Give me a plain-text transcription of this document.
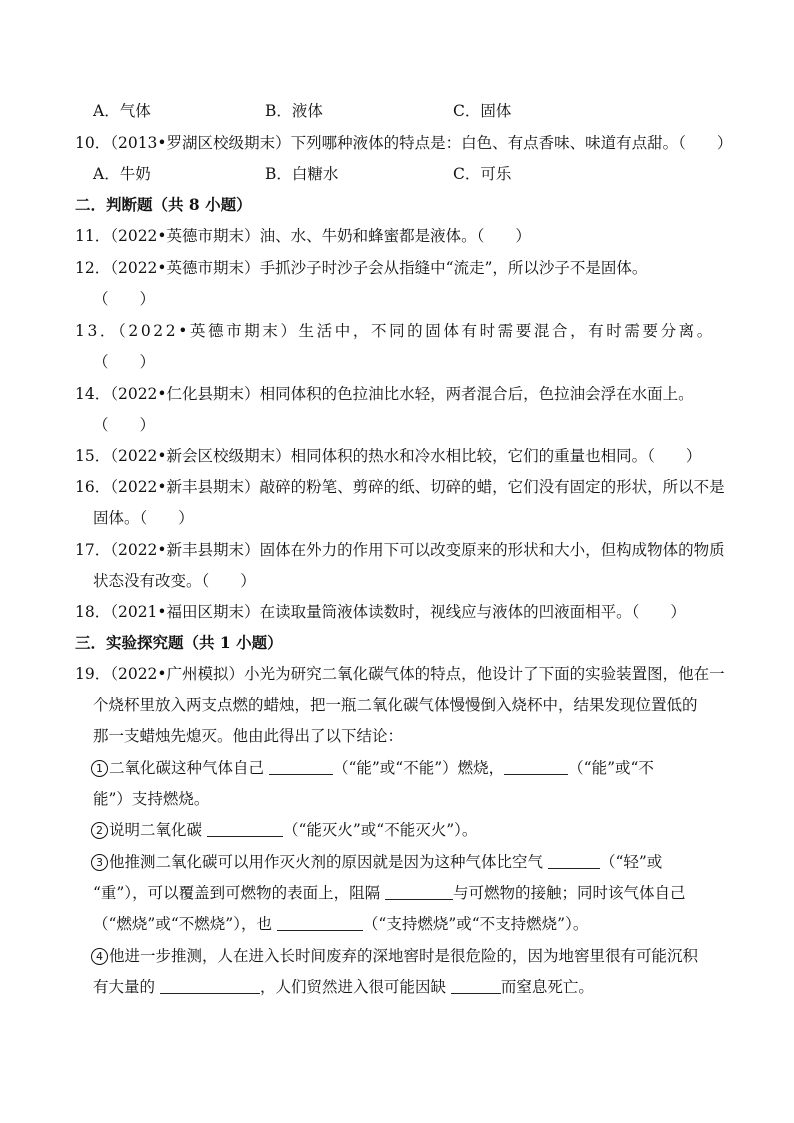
A．气体	B．液体	C．固体
10．（2013•罗湖区校级期末）下列哪种液体的特点是：白色、有点香味、味道有点甜。（　　）
A．牛奶	B．白糖水	C．可乐
二．判断题（共 8 小题）
11．（2022•英德市期末）油、水、牛奶和蜂蜜都是液体。（　　）
12．（2022•英德市期末）手抓沙子时沙子会从指缝中“流走”，所以沙子不是固体。
（　　）
13．（2022•英德市期末）生活中，不同的固体有时需要混合，有时需要分离。
（　　）
14．（2022•仁化县期末）相同体积的色拉油比水轻，两者混合后，色拉油会浮在水面上。
（　　）
15．（2022•新会区校级期末）相同体积的热水和冷水相比较，它们的重量也相同。（　　）
16．（2022•新丰县期末）敲碎的粉笔、剪碎的纸、切碎的蜡，它们没有固定的形状，所以不是
固体。（　　）
17．（2022•新丰县期末）固体在外力的作用下可以改变原来的形状和大小，但构成物体的物质
状态没有改变。（　　）
18．（2021•福田区期末）在读取量筒液体读数时，视线应与液体的凹液面相平。（　　）
三．实验探究题（共 1 小题）
19．（2022•广州模拟）小光为研究二氧化碳气体的特点，他设计了下面的实验装置图，他在一
个烧杯里放入两支点燃的蜡烛，把一瓶二氧化碳气体慢慢倒入烧杯中，结果发现位置低的
那一支蜡烛先熄灭。他由此得出了以下结论：
1 二氧化碳这种气体自己	（“能”或“不能”）燃烧，	（“能”或“不
能”）支持燃烧。
2 说明二氧化碳	（“能灭火”或“不能灭火”）。
3 他推测二氧化碳可以用作灭火剂的原因就是因为这种气体比空气	（“轻”或
“重”），可以覆盖到可燃物的表面上，阻隔	与可燃物的接触；同时该气体自己
（“燃烧”或“不燃烧”），也	（“支持燃烧”或“不支持燃烧”）。
4 他进一步推测，人在进入长时间废弃的深地窖时是很危险的，因为地窖里很有可能沉积
有大量的	，人们贸然进入很可能因缺	而窒息死亡。
